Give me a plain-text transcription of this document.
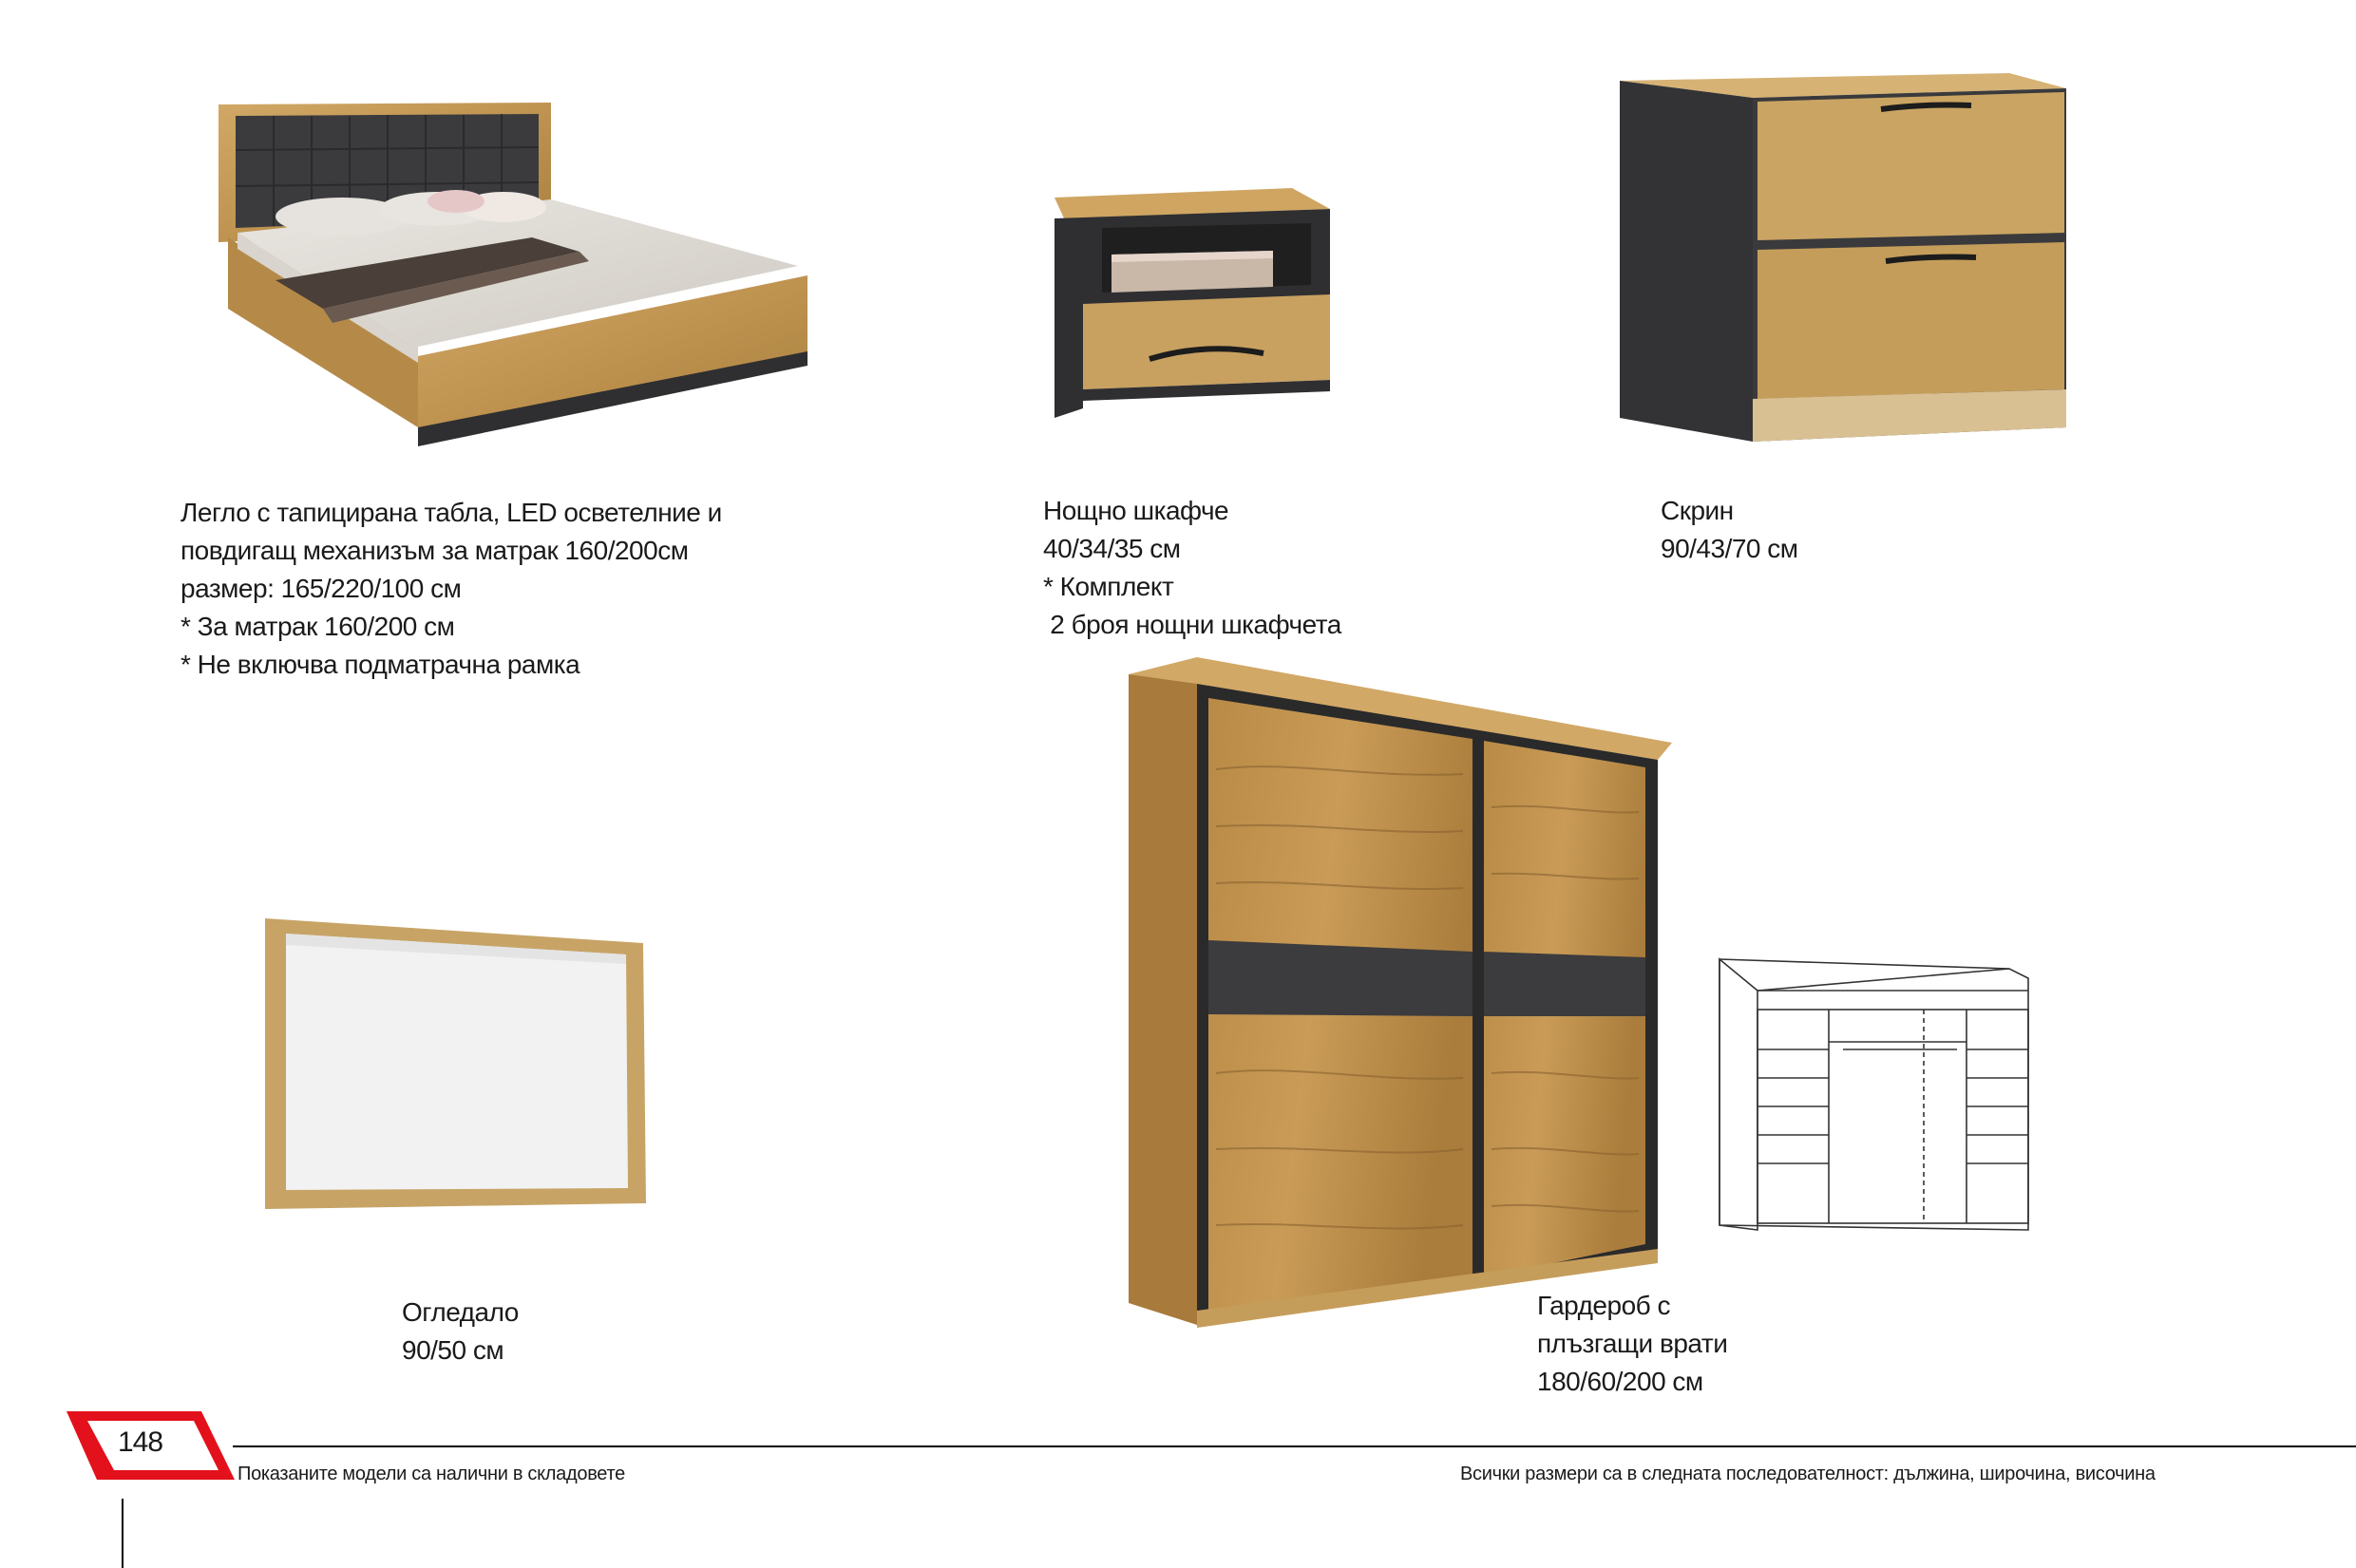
Легло с тапицирана табла, LED осветелние и
повдигащ механизъм за матрак 160/200см
размер: 165/220/100 см
* За матрак 160/200 см
* Не включва подматрачна рамка
Нощно шкафче
40/34/35 см
* Комплект
2 броя нощни шкафчета
Скрин
90/43/70 см
Огледало
90/50 см
Гардероб с
плъзгащи врати
180/60/200 см
148
Показаните модели са налични в складовете	Всички размери са в следната последователност: дължина, широчина, височина
